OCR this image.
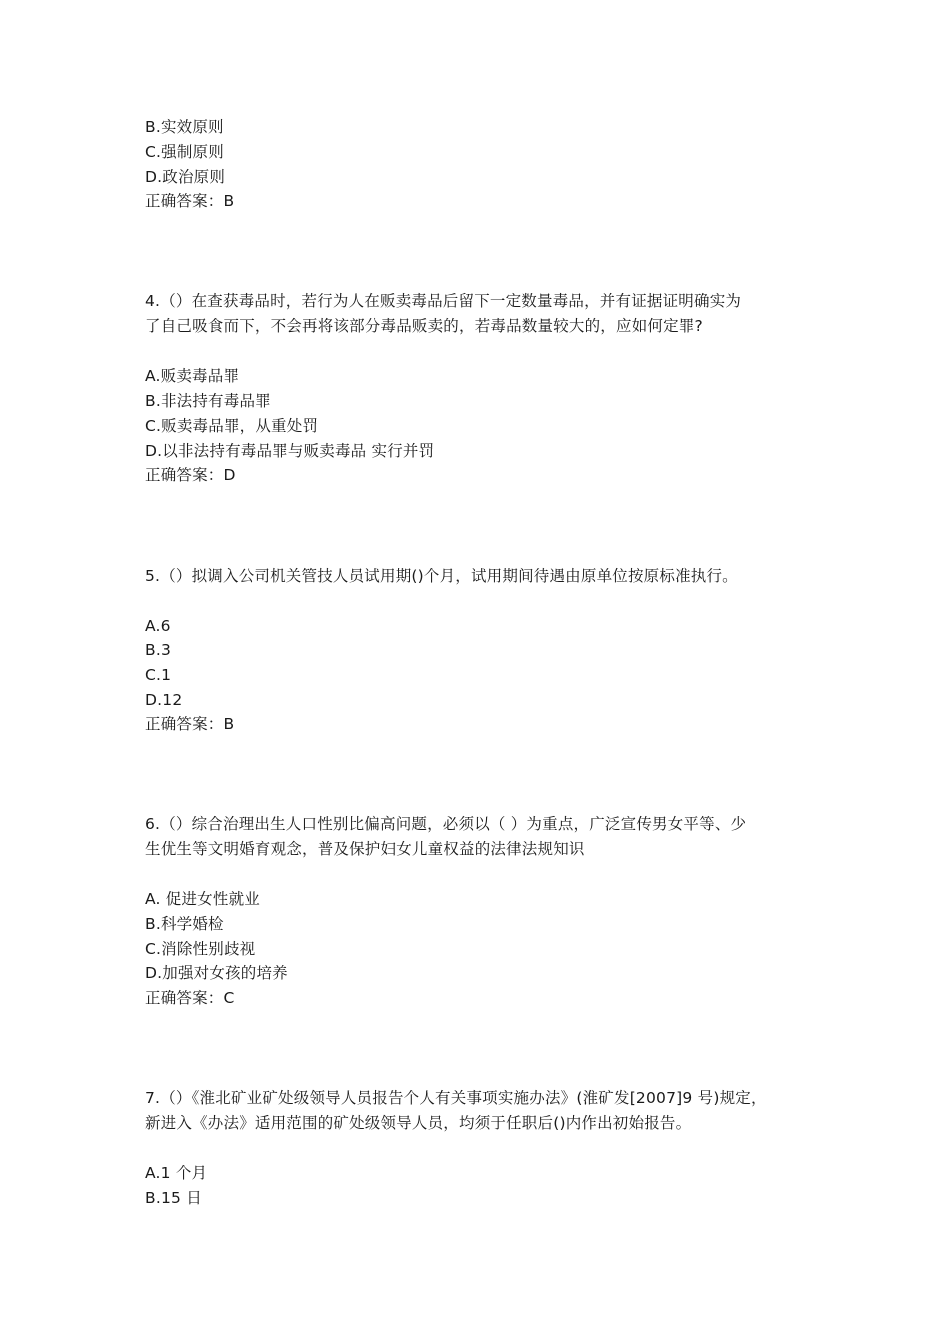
B.实效原则
C.强制原则
D.政治原则
正确答案：B
4.（）在查获毒品时，若行为人在贩卖毒品后留下一定数量毒品，并有证据证明确实为
了自己吸食而下，不会再将该部分毒品贩卖的，若毒品数量较大的，应如何定罪?
A.贩卖毒品罪
B.非法持有毒品罪
C.贩卖毒品罪，从重处罚
D.以非法持有毒品罪与贩卖毒品 实行并罚
正确答案：D
5.（）拟调入公司机关管技人员试用期()个月，试用期间待遇由原单位按原标准执行。
A.6
B.3
C.1
D.12
正确答案：B
6.（）综合治理出生人口性别比偏高问题，必须以（ ）为重点，广泛宣传男女平等、少
生优生等文明婚育观念，普及保护妇女儿童权益的法律法规知识
A. 促进女性就业
B.科学婚检
C.消除性别歧视
D.加强对女孩的培养
正确答案：C
7.（）《淮北矿业矿处级领导人员报告个人有关事项实施办法》(淮矿发[2007]9 号)规定，
新进入《办法》适用范围的矿处级领导人员，均须于任职后()内作出初始报告。
A.1 个月
B.15 日
